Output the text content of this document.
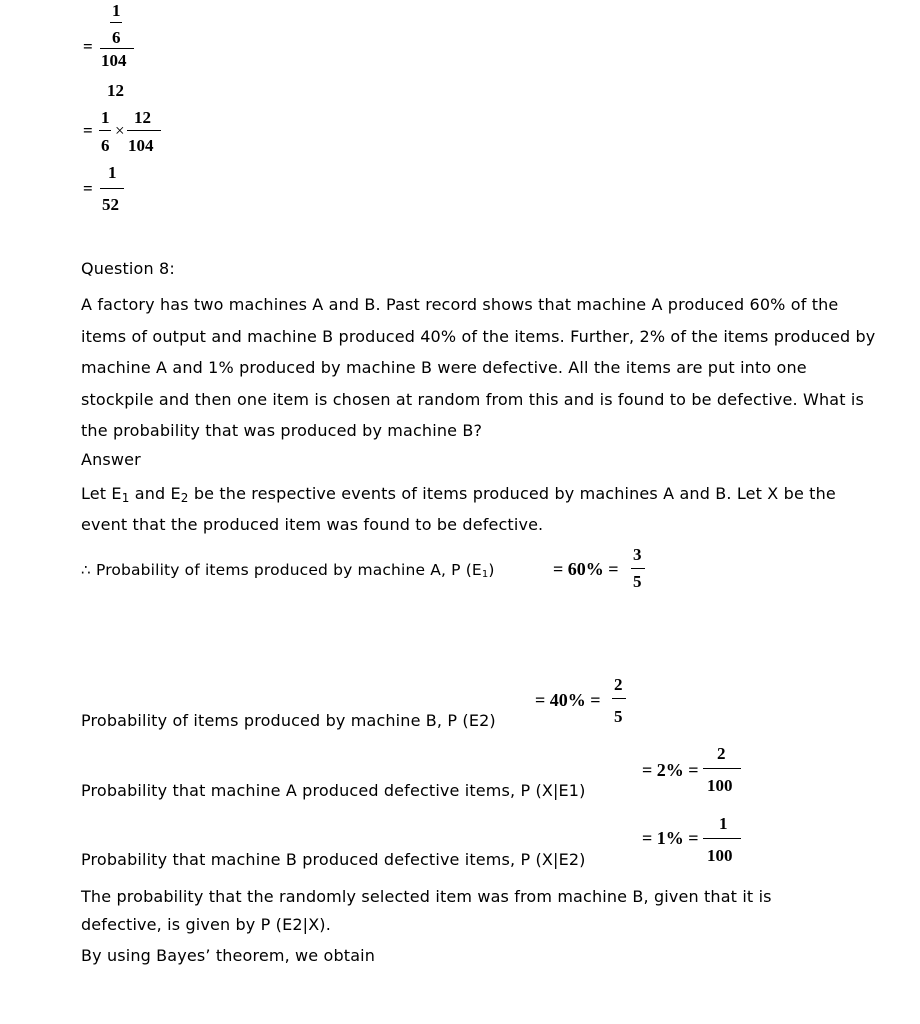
=
1
6
104
12
=
1
6
×
12
104
=
1
52
Question 8:

A factory has two machines A and B. Past record shows that machine A produced 60% of the items of output and machine B produced 40% of the items. Further, 2% of the items produced by machine A and 1% produced by machine B were defective. All the items are put into one stockpile and then one item is chosen at random from this and is found to be defective. What is the probability that was produced by machine B?

Answer

Let E1 and E2 be the respective events of items produced by machines A and B. Let X be the event that the produced item was found to be defective.

∴ Probability of items produced by machine A, P (E1)	= 60% =
3
5
= 40% =
2
5
Probability of items produced by machine B, P (E2)
= 2% =
2
100
Probability that machine A produced defective items, P (X|E1)
= 1% =
1
100
Probability that machine B produced defective items, P (X|E2)

The probability that the randomly selected item was from machine B, given that it is defective, is given by P (E2|X).

By using Bayes’ theorem, we obtain
